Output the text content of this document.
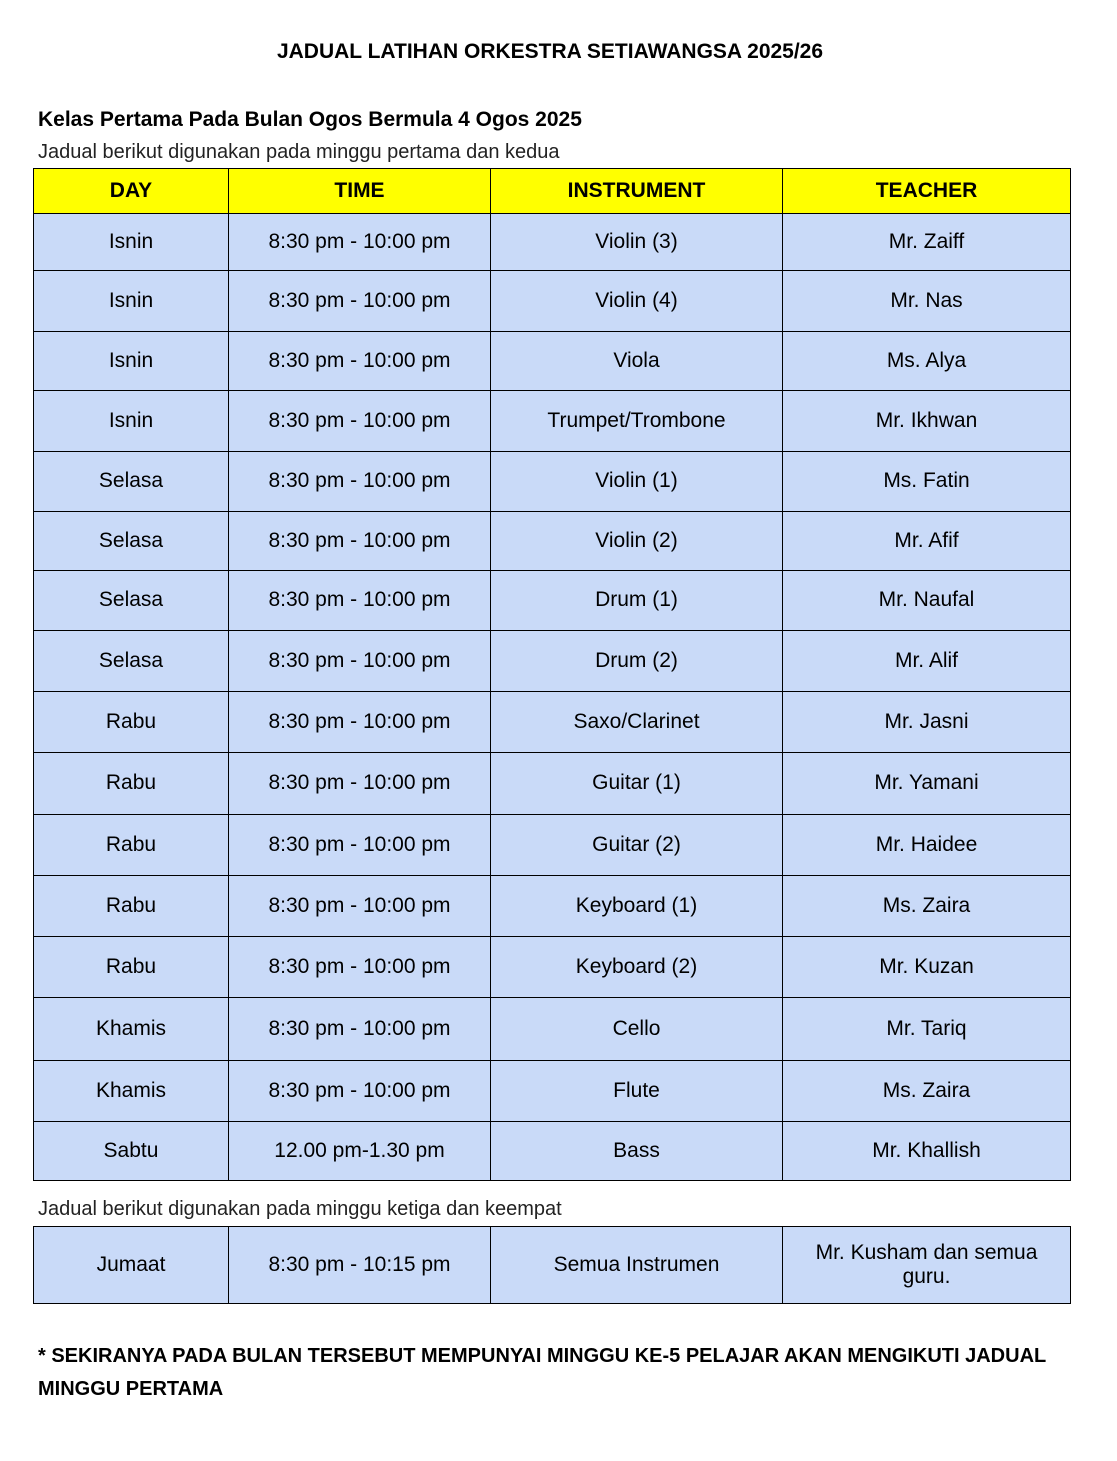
JADUAL LATIHAN ORKESTRA SETIAWANGSA 2025/26
Kelas Pertama Pada Bulan Ogos Bermula 4 Ogos 2025
Jadual berikut digunakan pada minggu pertama dan kedua
DAY	TIME	INSTRUMENT	TEACHER
Isnin	8:30 pm - 10:00 pm	Violin (3)	Mr. Zaiff
Isnin	8:30 pm - 10:00 pm	Violin (4)	Mr. Nas
Isnin	8:30 pm - 10:00 pm	Viola	Ms. Alya
Isnin	8:30 pm - 10:00 pm	Trumpet/Trombone	Mr. Ikhwan
Selasa	8:30 pm - 10:00 pm	Violin (1)	Ms. Fatin
Selasa	8:30 pm - 10:00 pm	Violin (2)	Mr. Afif
Selasa	8:30 pm - 10:00 pm	Drum (1)	Mr. Naufal
Selasa	8:30 pm - 10:00 pm	Drum (2)	Mr. Alif
Rabu	8:30 pm - 10:00 pm	Saxo/Clarinet	Mr. Jasni
Rabu	8:30 pm - 10:00 pm	Guitar (1)	Mr. Yamani
Rabu	8:30 pm - 10:00 pm	Guitar (2)	Mr. Haidee
Rabu	8:30 pm - 10:00 pm	Keyboard (1)	Ms. Zaira
Rabu	8:30 pm - 10:00 pm	Keyboard (2)	Mr. Kuzan
Khamis	8:30 pm - 10:00 pm	Cello	Mr. Tariq
Khamis	8:30 pm - 10:00 pm	Flute	Ms. Zaira
Sabtu	12.00 pm-1.30 pm	Bass	Mr. Khallish
Jadual berikut digunakan pada minggu ketiga dan keempat
Jumaat	8:30 pm - 10:15 pm	Semua Instrumen	Mr. Kusham dan semua guru.
* SEKIRANYA PADA BULAN TERSEBUT MEMPUNYAI MINGGU KE-5 PELAJAR AKAN MENGIKUTI JADUAL MINGGU PERTAMA
